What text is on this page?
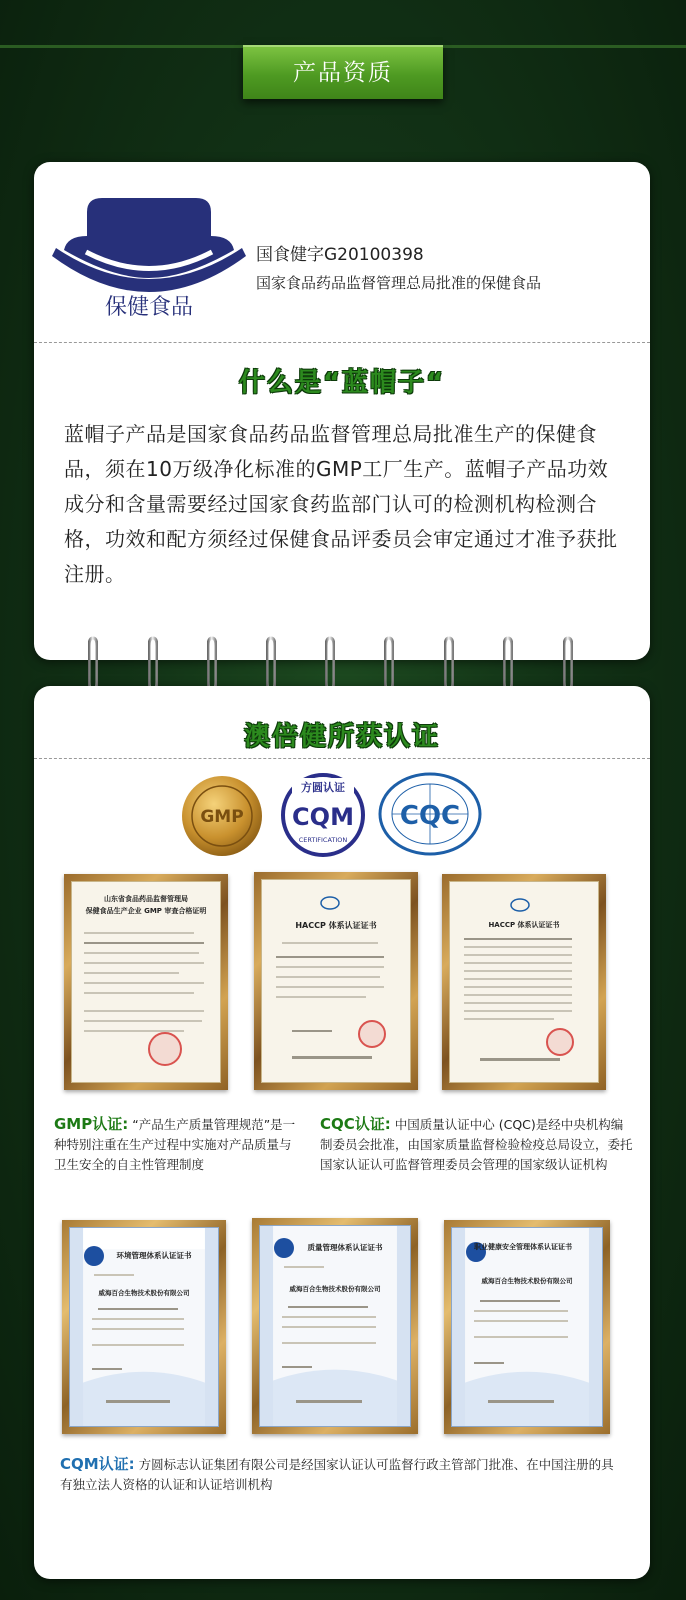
产品资质
保健食品
国食健字G20100398
国家食品药品监督管理总局批准的保健食品
什么是“蓝帽子“
蓝帽子产品是国家食品药品监督管理总局批准生产的保健食品，须在10万级净化标准的GMP工厂生产。蓝帽子产品功效成分和含量需要经过国家食药监部门认可的检测机构检测合格，功效和配方须经过保健食品评委员会审定通过才准予获批注册。
澳倍健所获认证
GMP
方圆认证
CQM
CERTIFICATION
CQC
山东省食品药品监督管理局
保健食品生产企业 GMP 审查合格证明
HACCP 体系认证证书	HACCP 体系认证证书
GMP认证: “产品生产质量管理规范”是一种特别注重在生产过程中实施对产品质量与卫生安全的自主性管理制度
CQC认证: 中国质量认证中心 (CQC)是经中央机构编制委员会批准，由国家质量监督检验检疫总局设立，委托国家认证认可监督管理委员会管理的国家级认证机构
环境管理体系认证证书
威海百合生物技术股份有限公司
质量管理体系认证证书
威海百合生物技术股份有限公司
职业健康安全管理体系认证证书
威海百合生物技术股份有限公司
CQM认证: 方圆标志认证集团有限公司是经国家认证认可监督行政主管部门批准、在中国注册的具有独立法人资格的认证和认证培训机构
